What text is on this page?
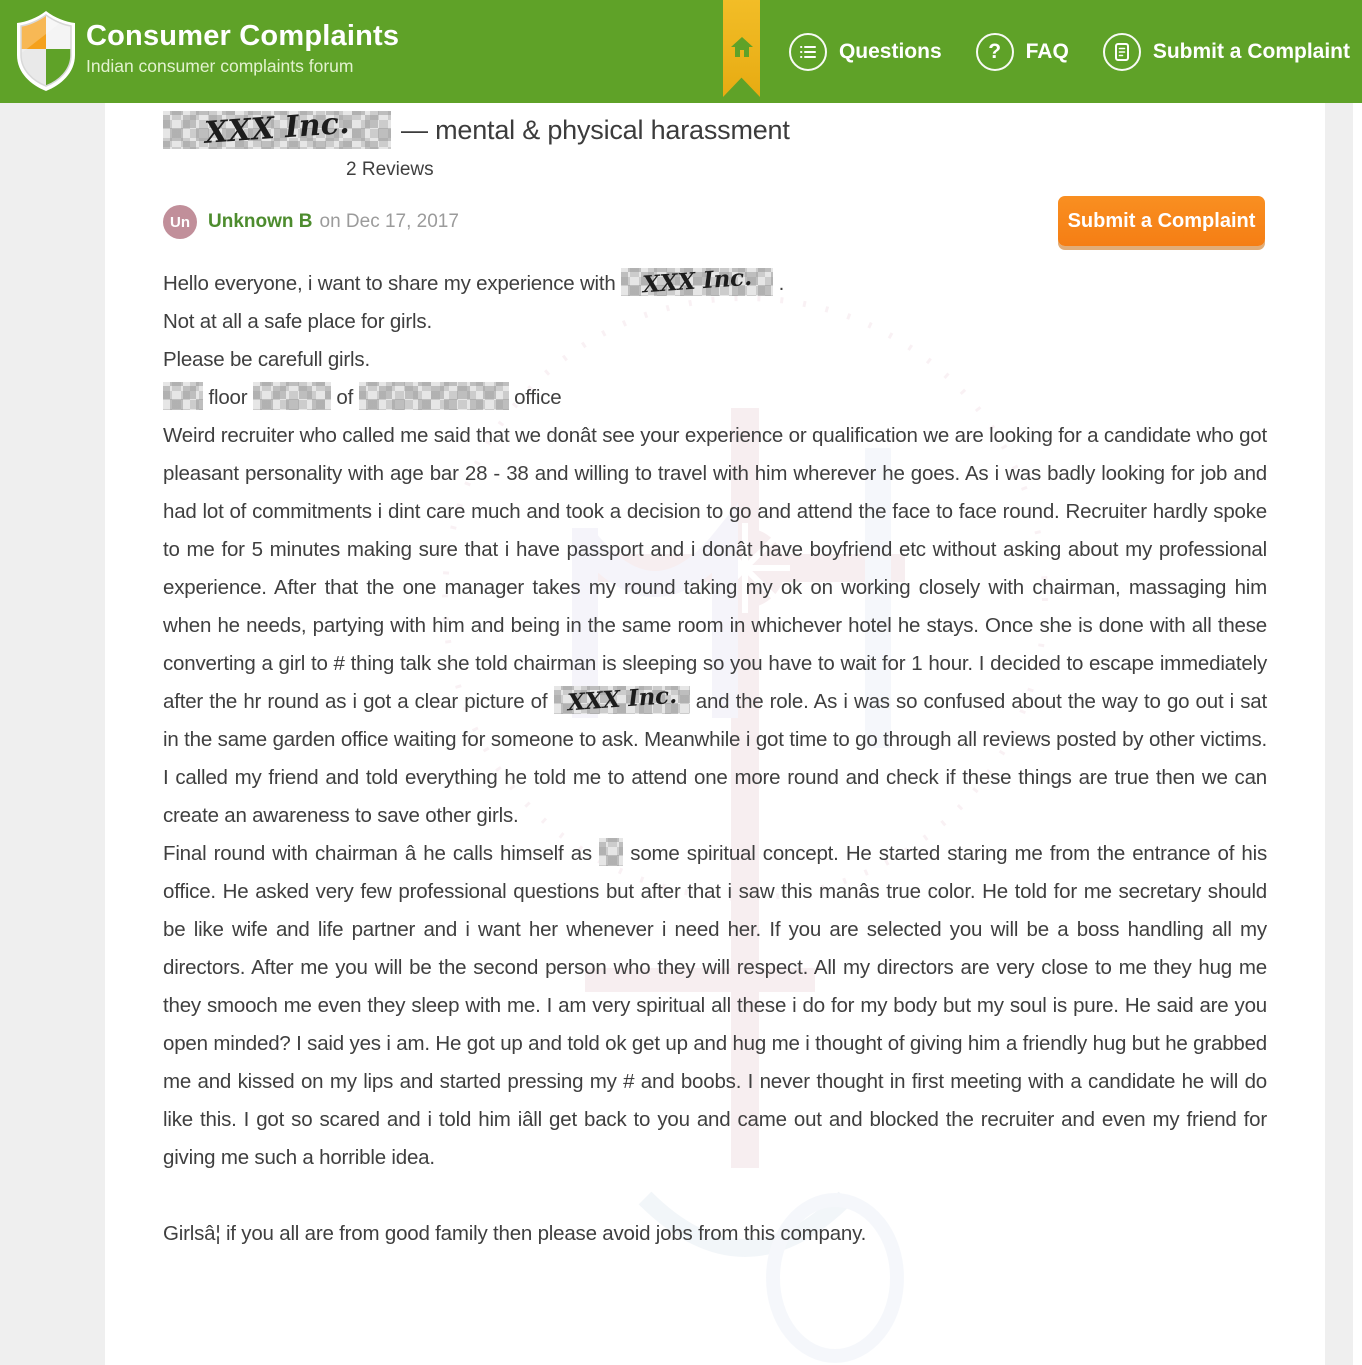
Consumer Complaints
Indian consumer complaints forum
Questions	?	FAQ	Submit a Complaint
XXX Inc.	— mental & physical harassment
2 Reviews
Un Unknown B on Dec 17, 2017	Submit a Complaint
Hello everyone, i want to share my experience with XXX Inc. .
Not at all a safe place for girls.
Please be carefull girls.
floor	of	office
Weird recruiter who called me said that we donât see your experience or qualification we are looking for a candidate who got pleasant personality with age bar 28 - 38 and willing to travel with him wherever he goes. As i was badly looking for job and had lot of commitments i dint care much and took a decision to go and attend the face to face round. Recruiter hardly spoke to me for 5 minutes making sure that i have passport and i donât have boyfriend etc without asking about my professional experience. After that the one manager takes my round taking my ok on working closely with chairman, massaging him when he needs, partying with him and being in the same room in whichever hotel he stays. Once she is done with all these converting a girl to # thing talk she told chairman is sleeping so you have to wait for 1 hour. I decided to escape immediately after the hr round as i got a clear picture of XXX Inc. and the role. As i was so confused about the way to go out i sat in the same garden office waiting for someone to ask. Meanwhile i got time to go through all reviews posted by other victims. I called my friend and told everything he told me to attend one more round and check if these things are true then we can create an awareness to save other girls.
Final round with chairman â he calls himself as  some spiritual concept. He started staring me from the entrance of his office. He asked very few professional questions but after that i saw this manâs true color. He told for me secretary should be like wife and life partner and i want her whenever i need her. If you are selected you will be a boss handling all my directors. After me you will be the second person who they will respect. All my directors are very close to me they hug me they smooch me even they sleep with me. I am very spiritual all these i do for my body but my soul is pure. He said are you open minded? I said yes i am. He got up and told ok get up and hug me i thought of giving him a friendly hug but he grabbed me and kissed on my lips and started pressing my # and boobs. I never thought in first meeting with a candidate he will do like this. I got so scared and i told him iâll get back to you and came out and blocked the recruiter and even my friend for giving me such a horrible idea.
Girlsâ¦ if you all are from good family then please avoid jobs from this company.
